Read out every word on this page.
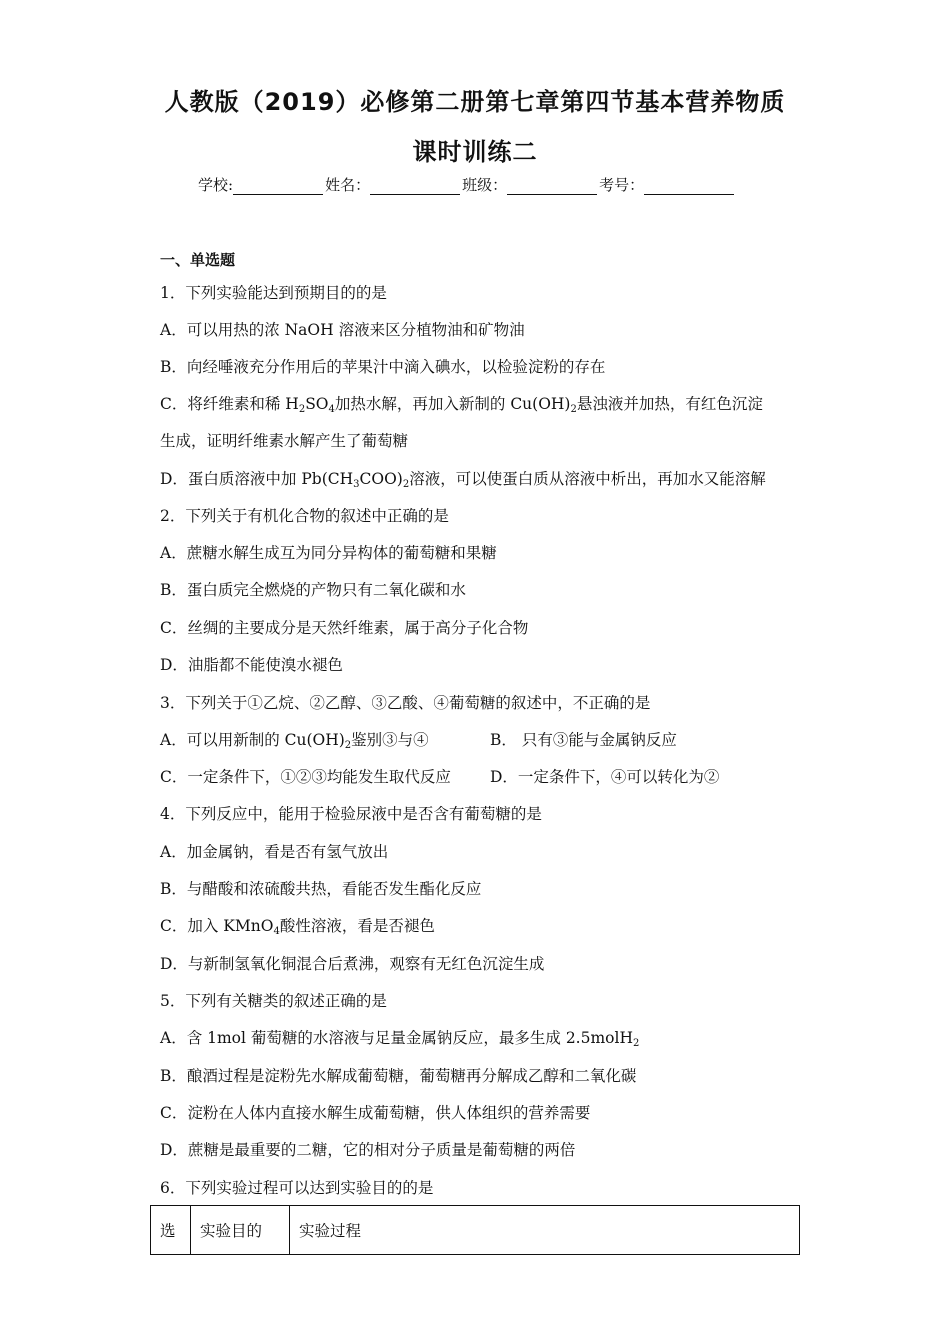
人教版（2019）必修第二册第七章第四节基本营养物质
课时训练二
学校:	姓名：	班级：	考号：
一、单选题
1．下列实验能达到预期目的的是
A．可以用热的浓 NaOH 溶液来区分植物油和矿物油
B．向经唾液充分作用后的苹果汁中滴入碘水，以检验淀粉的存在
C．将纤维素和稀 $H_2SO_4$加热水解，再加入新制的 $Cu(OH)_2$悬浊液并加热，有红色沉淀
生成，证明纤维素水解产生了葡萄糖
D．蛋白质溶液中加 $Pb(CH_3COO)_2$溶液，可以使蛋白质从溶液中析出，再加水又能溶解
2．下列关于有机化合物的叙述中正确的是
A．蔗糖水解生成互为同分异构体的葡萄糖和果糖
B．蛋白质完全燃烧的产物只有二氧化碳和水
C．丝绸的主要成分是天然纤维素，属于高分子化合物
D．油脂都不能使溴水褪色
3．下列关于①乙烷、②乙醇、③乙酸、④葡萄糖的叙述中，不正确的是
A．可以用新制的 $Cu(OH)_2$鉴别③与④	B． 只有③能与金属钠反应
C．一定条件下，①②③均能发生取代反应	D．一定条件下，④可以转化为②
4．下列反应中，能用于检验尿液中是否含有葡萄糖的是
A．加金属钠，看是否有氢气放出
B．与醋酸和浓硫酸共热，看能否发生酯化反应
C．加入 KMnO$_4$酸性溶液，看是否褪色
D．与新制氢氧化铜混合后煮沸，观察有无红色沉淀生成
5．下列有关糖类的叙述正确的是
A．含 1mol 葡萄糖的水溶液与足量金属钠反应，最多生成 2.5molH$_2$
B．酿酒过程是淀粉先水解成葡萄糖，葡萄糖再分解成乙醇和二氧化碳
C．淀粉在人体内直接水解生成葡萄糖，供人体组织的营养需要
D．蔗糖是最重要的二糖，它的相对分子质量是葡萄糖的两倍
6．下列实验过程可以达到实验目的的是
选	实验目的	实验过程
